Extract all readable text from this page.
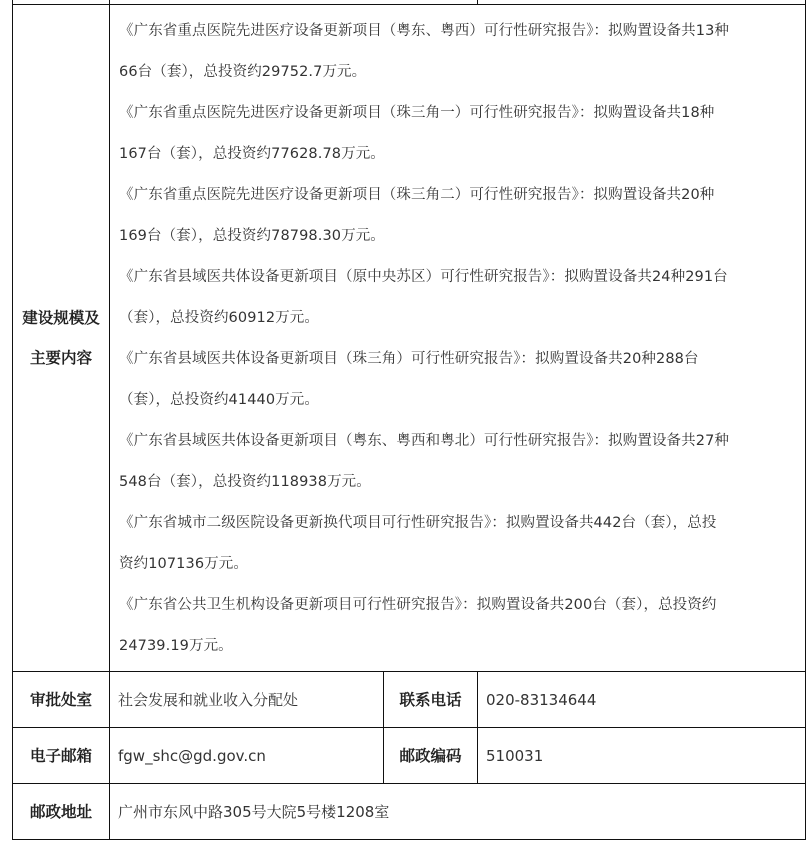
建设规模及
主要内容

《广东省重点医院先进医疗设备更新项目（粤东、粤西）可行性研究报告》：拟购置设备共13种
66台（套），总投资约29752.7万元。
《广东省重点医院先进医疗设备更新项目（珠三角一）可行性研究报告》：拟购置设备共18种
167台（套），总投资约77628.78万元。
《广东省重点医院先进医疗设备更新项目（珠三角二）可行性研究报告》：拟购置设备共20种
169台（套），总投资约78798.30万元。
《广东省县域医共体设备更新项目（原中央苏区）可行性研究报告》：拟购置设备共24种291台
（套），总投资约60912万元。
《广东省县域医共体设备更新项目（珠三角）可行性研究报告》：拟购置设备共20种288台
（套），总投资约41440万元。
《广东省县域医共体设备更新项目（粤东、粤西和粤北）可行性研究报告》：拟购置设备共27种
548台（套），总投资约118938万元。
《广东省城市二级医院设备更新换代项目可行性研究报告》：拟购置设备共442台（套），总投
资约107136万元。
《广东省公共卫生机构设备更新项目可行性研究报告》：拟购置设备共200台（套），总投资约
24739.19万元。

审批处室	社会发展和就业收入分配处	联系电话	020-83134644
电子邮箱	fgw_shc@gd.gov.cn	邮政编码	510031
邮政地址	广州市东风中路305号大院5号楼1208室		
